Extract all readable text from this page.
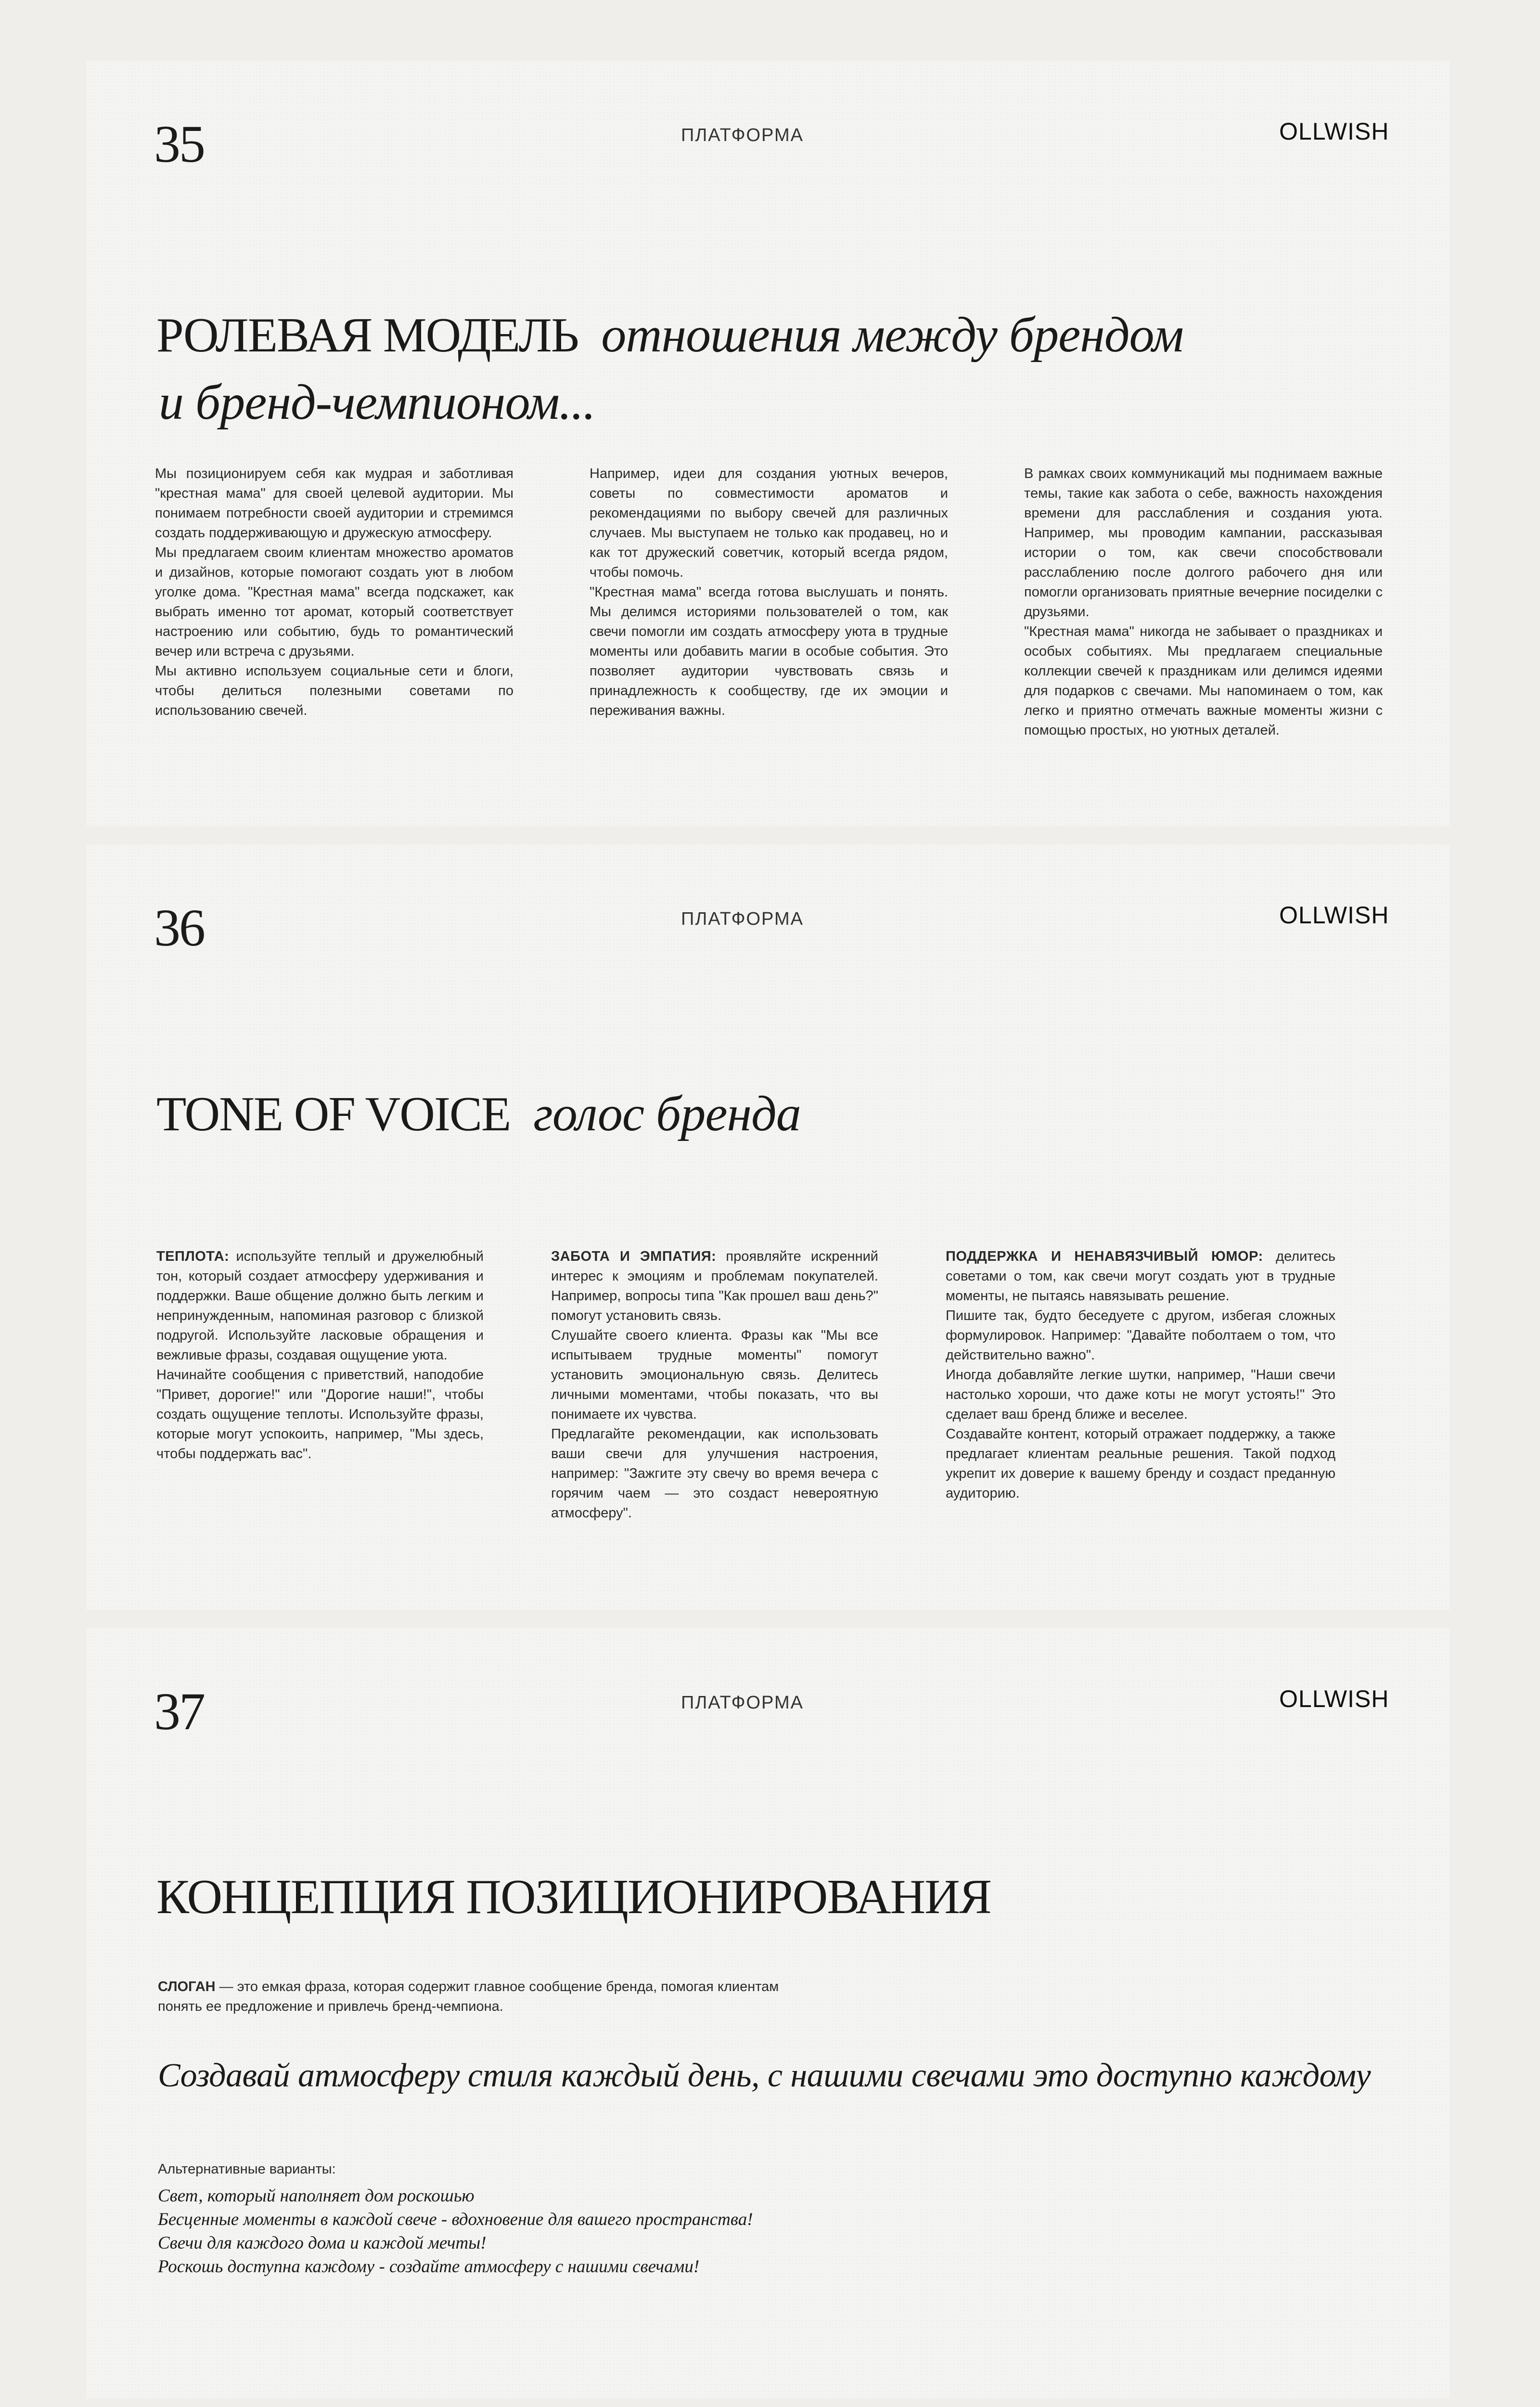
35	ПЛАТФОРМА	OLLWISH
РОЛЕВАЯ МОДЕЛЬ отношения между брендом
и бренд-чемпионом...

Мы позиционируем себя как мудрая и заботливая "крестная мама" для своей целевой аудитории. Мы понимаем потребности своей аудитории и стремимся создать поддерживающую и дружескую атмосферу.
Мы предлагаем своим клиентам множество ароматов и дизайнов, которые помогают создать уют в любом уголке дома. "Крестная мама" всегда подскажет, как выбрать именно тот аромат, который соответствует настроению или событию, будь то романтический вечер или встреча с друзьями.
Мы активно используем социальные сети и блоги, чтобы делиться полезными советами по использованию свечей.

Например, идеи для создания уютных вечеров, советы по совместимости ароматов и рекомендациями по выбору свечей для различных случаев. Мы выступаем не только как продавец, но и как тот дружеский советчик, который всегда рядом, чтобы помочь.
"Крестная мама" всегда готова выслушать и понять. Мы делимся историями пользователей о том, как свечи помогли им создать атмосферу уюта в трудные моменты или добавить магии в особые события. Это позволяет аудитории чувствовать связь и принадлежность к сообществу, где их эмоции и переживания важны.

В рамках своих коммуникаций мы поднимаем важные темы, такие как забота о себе, важность нахождения времени для расслабления и создания уюта. Например, мы проводим кампании, рассказывая истории о том, как свечи способствовали расслаблению после долгого рабочего дня или помогли организовать приятные вечерние посиделки с друзьями.
"Крестная мама" никогда не забывает о праздниках и особых событиях. Мы предлагаем специальные коллекции свечей к праздникам или делимся идеями для подарков с свечами. Мы напоминаем о том, как легко и приятно отмечать важные моменты жизни с помощью простых, но уютных деталей.

36	ПЛАТФОРМА	OLLWISH
TONE OF VOICE голос бренда

ТЕПЛОТА: используйте теплый и дружелюбный тон, который создает атмосферу удерживания и поддержки. Ваше общение должно быть легким и непринужденным, напоминая разговор с близкой подругой. Используйте ласковые обращения и вежливые фразы, создавая ощущение уюта.
Начинайте сообщения с приветствий, наподобие "Привет, дорогие!" или "Дорогие наши!", чтобы создать ощущение теплоты. Используйте фразы, которые могут успокоить, например, "Мы здесь, чтобы поддержать вас".

ЗАБОТА И ЭМПАТИЯ: проявляйте искренний интерес к эмоциям и проблемам покупателей. Например, вопросы типа "Как прошел ваш день?" помогут установить связь.
Слушайте своего клиента. Фразы как "Мы все испытываем трудные моменты" помогут установить эмоциональную связь. Делитесь личными моментами, чтобы показать, что вы понимаете их чувства.
Предлагайте рекомендации, как использовать ваши свечи для улучшения настроения, например: "Зажгите эту свечу во время вечера с горячим чаем — это создаст невероятную атмосферу".

ПОДДЕРЖКА И НЕНАВЯЗЧИВЫЙ ЮМОР: делитесь советами о том, как свечи могут создать уют в трудные моменты, не пытаясь навязывать решение.
Пишите так, будто беседуете с другом, избегая сложных формулировок. Например: "Давайте поболтаем о том, что действительно важно".
Иногда добавляйте легкие шутки, например, "Наши свечи настолько хороши, что даже коты не могут устоять!" Это сделает ваш бренд ближе и веселее.
Создавайте контент, который отражает поддержку, а также предлагает клиентам реальные решения. Такой подход укрепит их доверие к вашему бренду и создаст преданную аудиторию.

37	ПЛАТФОРМА	OLLWISH
КОНЦЕПЦИЯ ПОЗИЦИОНИРОВАНИЯ

СЛОГАН — это емкая фраза, которая содержит главное сообщение бренда, помогая клиентам понять ее предложение и привлечь бренд-чемпиона.

Создавай атмосферу стиля каждый день, с нашими свечами это доступно каждому

Альтернативные варианты:

Свет, который наполняет дом роскошью
Бесценные моменты в каждой свече - вдохновение для вашего пространства!
Свечи для каждого дома и каждой мечты!
Роскошь доступна каждому - создайте атмосферу с нашими свечами!
